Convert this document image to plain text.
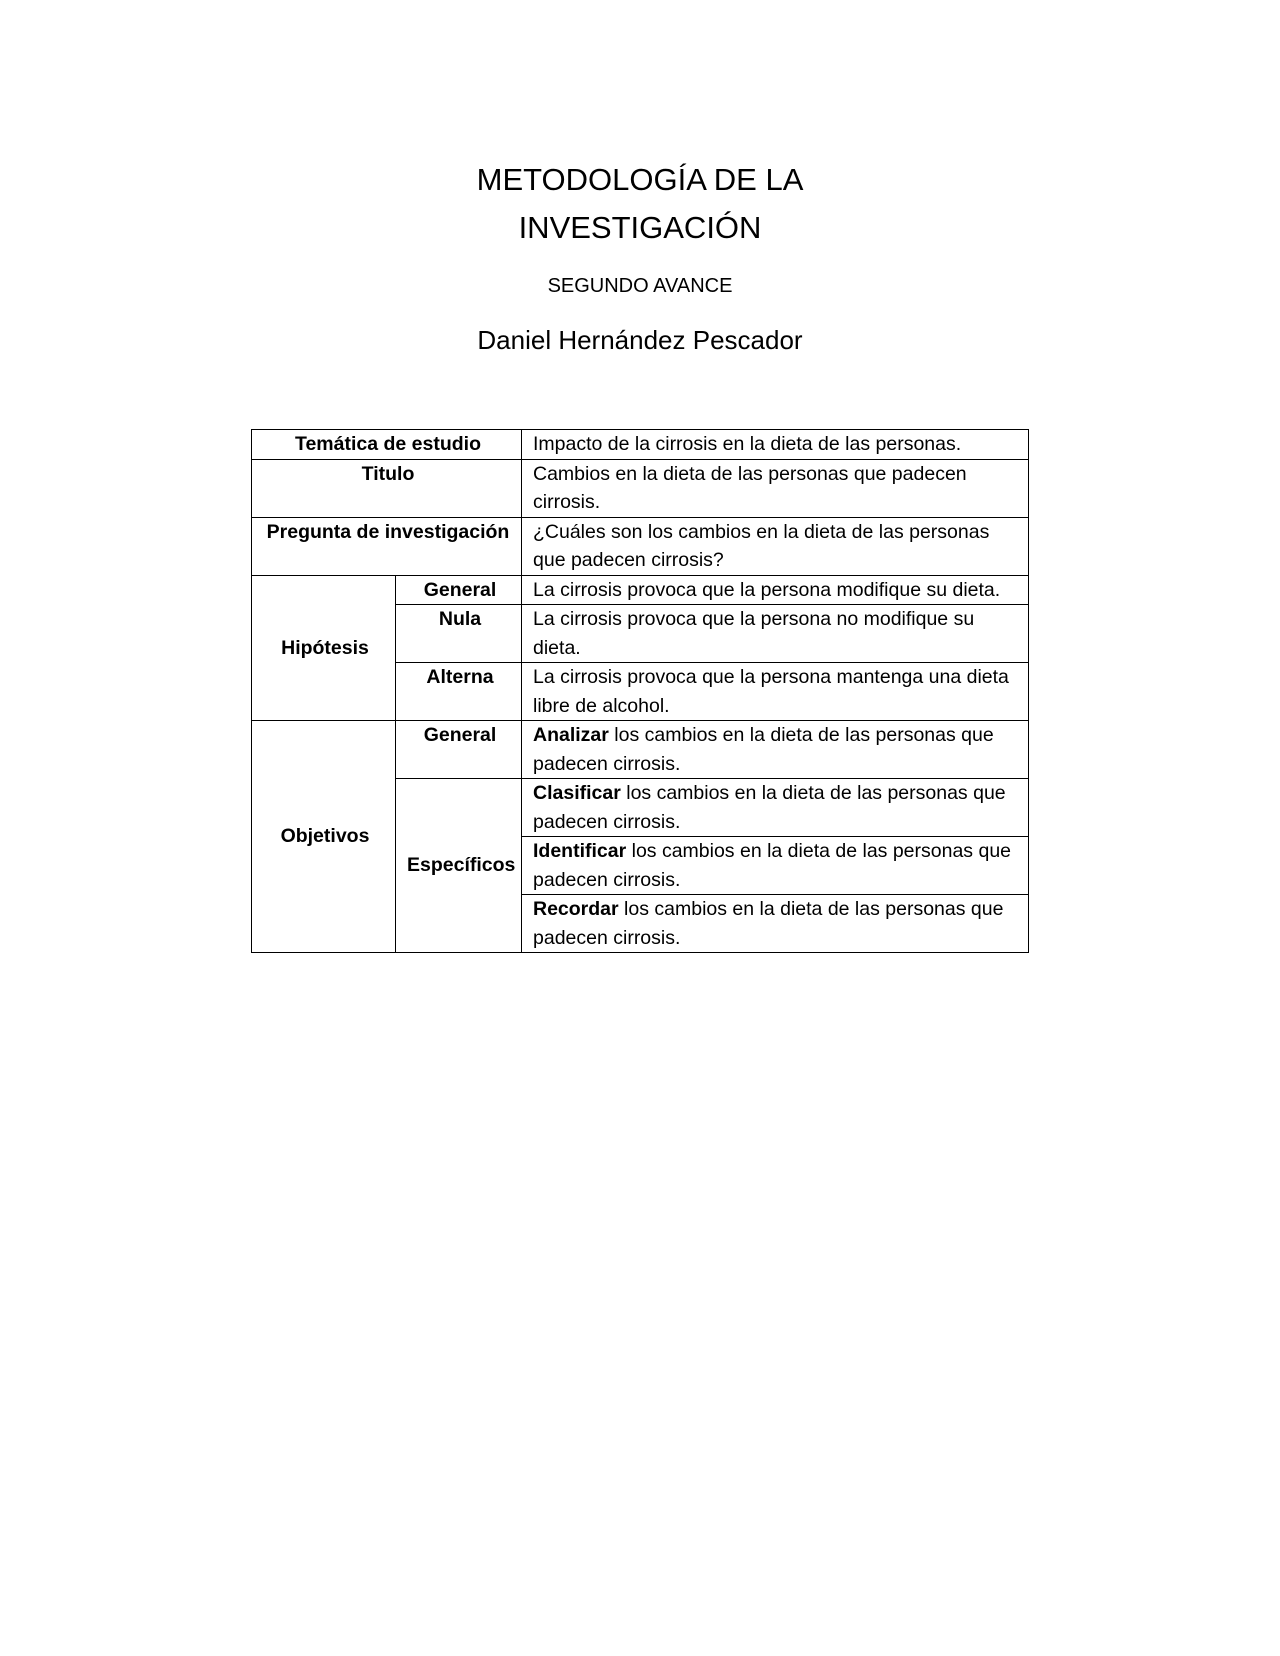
METODOLOGÍA DE LA
INVESTIGACIÓN
SEGUNDO AVANCE
Daniel Hernández Pescador
Temática de estudio		Impacto de la cirrosis en la dieta de las personas.
Titulo		Cambios en la dieta de las personas que padecen cirrosis.
Pregunta de investigación		¿Cuáles son los cambios en la dieta de las personas que padecen cirrosis?
Hipótesis	General	La cirrosis provoca que la persona modifique su dieta.
	Nula	La cirrosis provoca que la persona no modifique su dieta.
	Alterna	La cirrosis provoca que la persona mantenga una dieta libre de alcohol.
Objetivos	General	Analizar los cambios en la dieta de las personas que padecen cirrosis.
	Específicos	Clasificar los cambios en la dieta de las personas que padecen cirrosis.
		Identificar los cambios en la dieta de las personas que padecen cirrosis.
		Recordar los cambios en la dieta de las personas que padecen cirrosis.
